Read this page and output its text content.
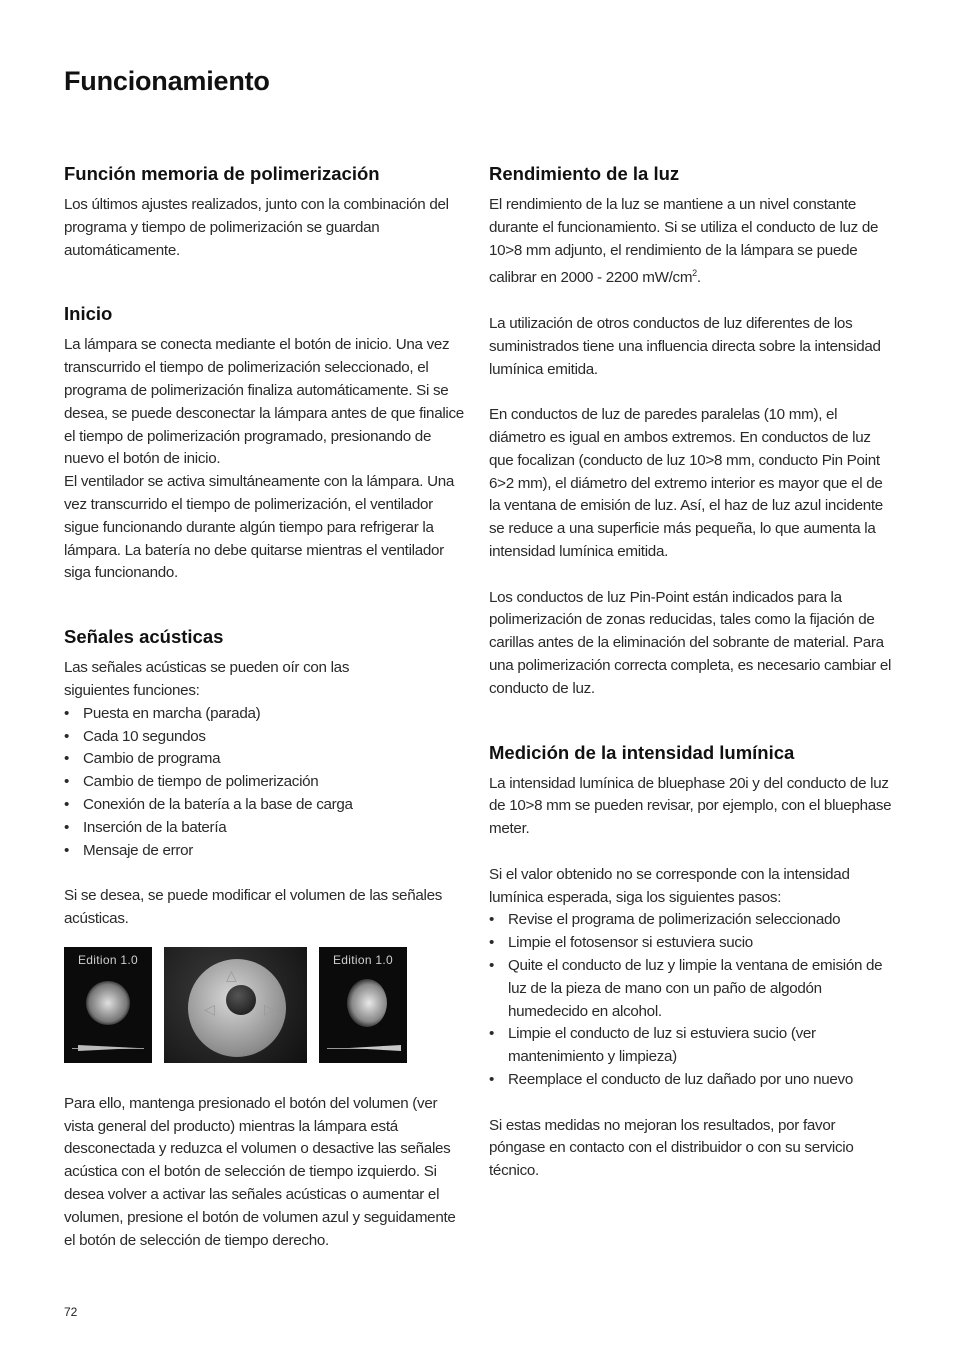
Funcionamiento
Función memoria de polimerización

Los últimos ajustes realizados, junto con la combinación del programa y tiempo de polimerización se guardan automáticamente.

Inicio

La lámpara se conecta mediante el botón de inicio. Una vez transcurrido el tiempo de polimerización seleccionado, el programa de polimerización finaliza automáticamente. Si se desea, se puede desconectar la lámpara antes de que finalice el tiempo de polimerización programado, presionando de nuevo el botón de inicio.

El ventilador se activa simultáneamente con la lámpara. Una vez transcurrido el tiempo de polimerización, el ventilador sigue funcionando durante algún tiempo para refrigerar la lámpara. La batería no debe quitarse mientras el ventilador siga funcionando.

Señales acústicas

Las señales acústicas se pueden oír con las siguientes funciones:

• Puesta en marcha (parada)
• Cada 10 segundos
• Cambio de programa
• Cambio de tiempo de polimerización
• Conexión de la batería a la base de carga
• Inserción de la batería
• Mensaje de error

Si se desea, se puede modificar el volumen de las señales acústicas.

Edition 1.0
△
◁	▷
Edition 1.0

Para ello, mantenga presionado el botón del volumen (ver vista general del producto) mientras la lámpara está desconectada y reduzca el volumen o desactive las señales acústica con el botón de selección de tiempo izquierdo. Si desea volver a activar las señales acústicas o aumentar el volumen, presione el botón de volumen azul y seguidamente el botón de selección de tiempo derecho.

Rendimiento de la luz

El rendimiento de la luz se mantiene a un nivel constante durante el funcionamiento. Si se utiliza el conducto de luz de 10>8 mm adjunto, el rendimiento de la lámpara se puede calibrar en 2000 - 2200 $mW/cm^2$.

La utilización de otros conductos de luz diferentes de los suministrados tiene una influencia directa sobre la intensidad lumínica emitida.

En conductos de luz de paredes paralelas (10 mm), el diámetro es igual en ambos extremos. En conductos de luz que focalizan (conducto de luz 10>8 mm, conducto Pin Point 6>2 mm), el diámetro del extremo interior es mayor que el de la ventana de emisión de luz. Así, el haz de luz azul incidente se reduce a una superficie más pequeña, lo que aumenta la intensidad lumínica emitida.

Los conductos de luz Pin-Point están indicados para la polimerización de zonas reducidas, tales como la fijación de carillas antes de la eliminación del sobrante de material. Para una polimerización correcta completa, es necesario cambiar el conducto de luz.

Medición de la intensidad lumínica

La intensidad lumínica de bluephase 20i y del conducto de luz de 10>8 mm se pueden revisar, por ejemplo, con el bluephase meter.

Si el valor obtenido no se corresponde con la intensidad lumínica esperada, siga los siguientes pasos:

• Revise el programa de polimerización seleccionado
• Limpie el fotosensor si estuviera sucio
• Quite el conducto de luz y limpie la ventana de emisión de luz de la pieza de mano con un paño de algodón humedecido en alcohol.
• Limpie el conducto de luz si estuviera sucio (ver mantenimiento y limpieza)
• Reemplace el conducto de luz dañado por uno nuevo

Si estas medidas no mejoran los resultados, por favor póngase en contacto con el distribuidor o con su servicio técnico.

72
